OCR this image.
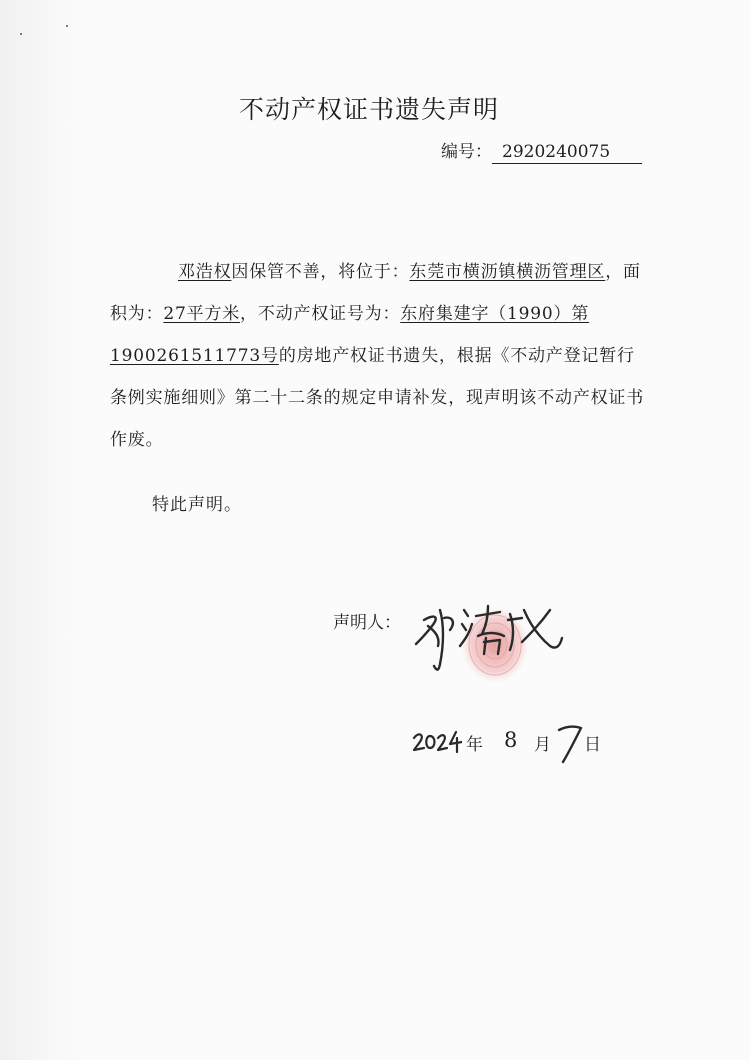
不动产权证书遗失声明
编号： 2920240075

邓浩权因保管不善，将位于：东莞市横沥镇横沥管理区，面积为：27平方米，不动产权证号为：东府集建字（1990）第1900261511773号的房地产权证书遗失，根据《不动产登记暂行条例实施细则》第二十二条的规定申请补发，现声明该不动产权证书作废。

特此声明。
声明人：
年 8 月 日
